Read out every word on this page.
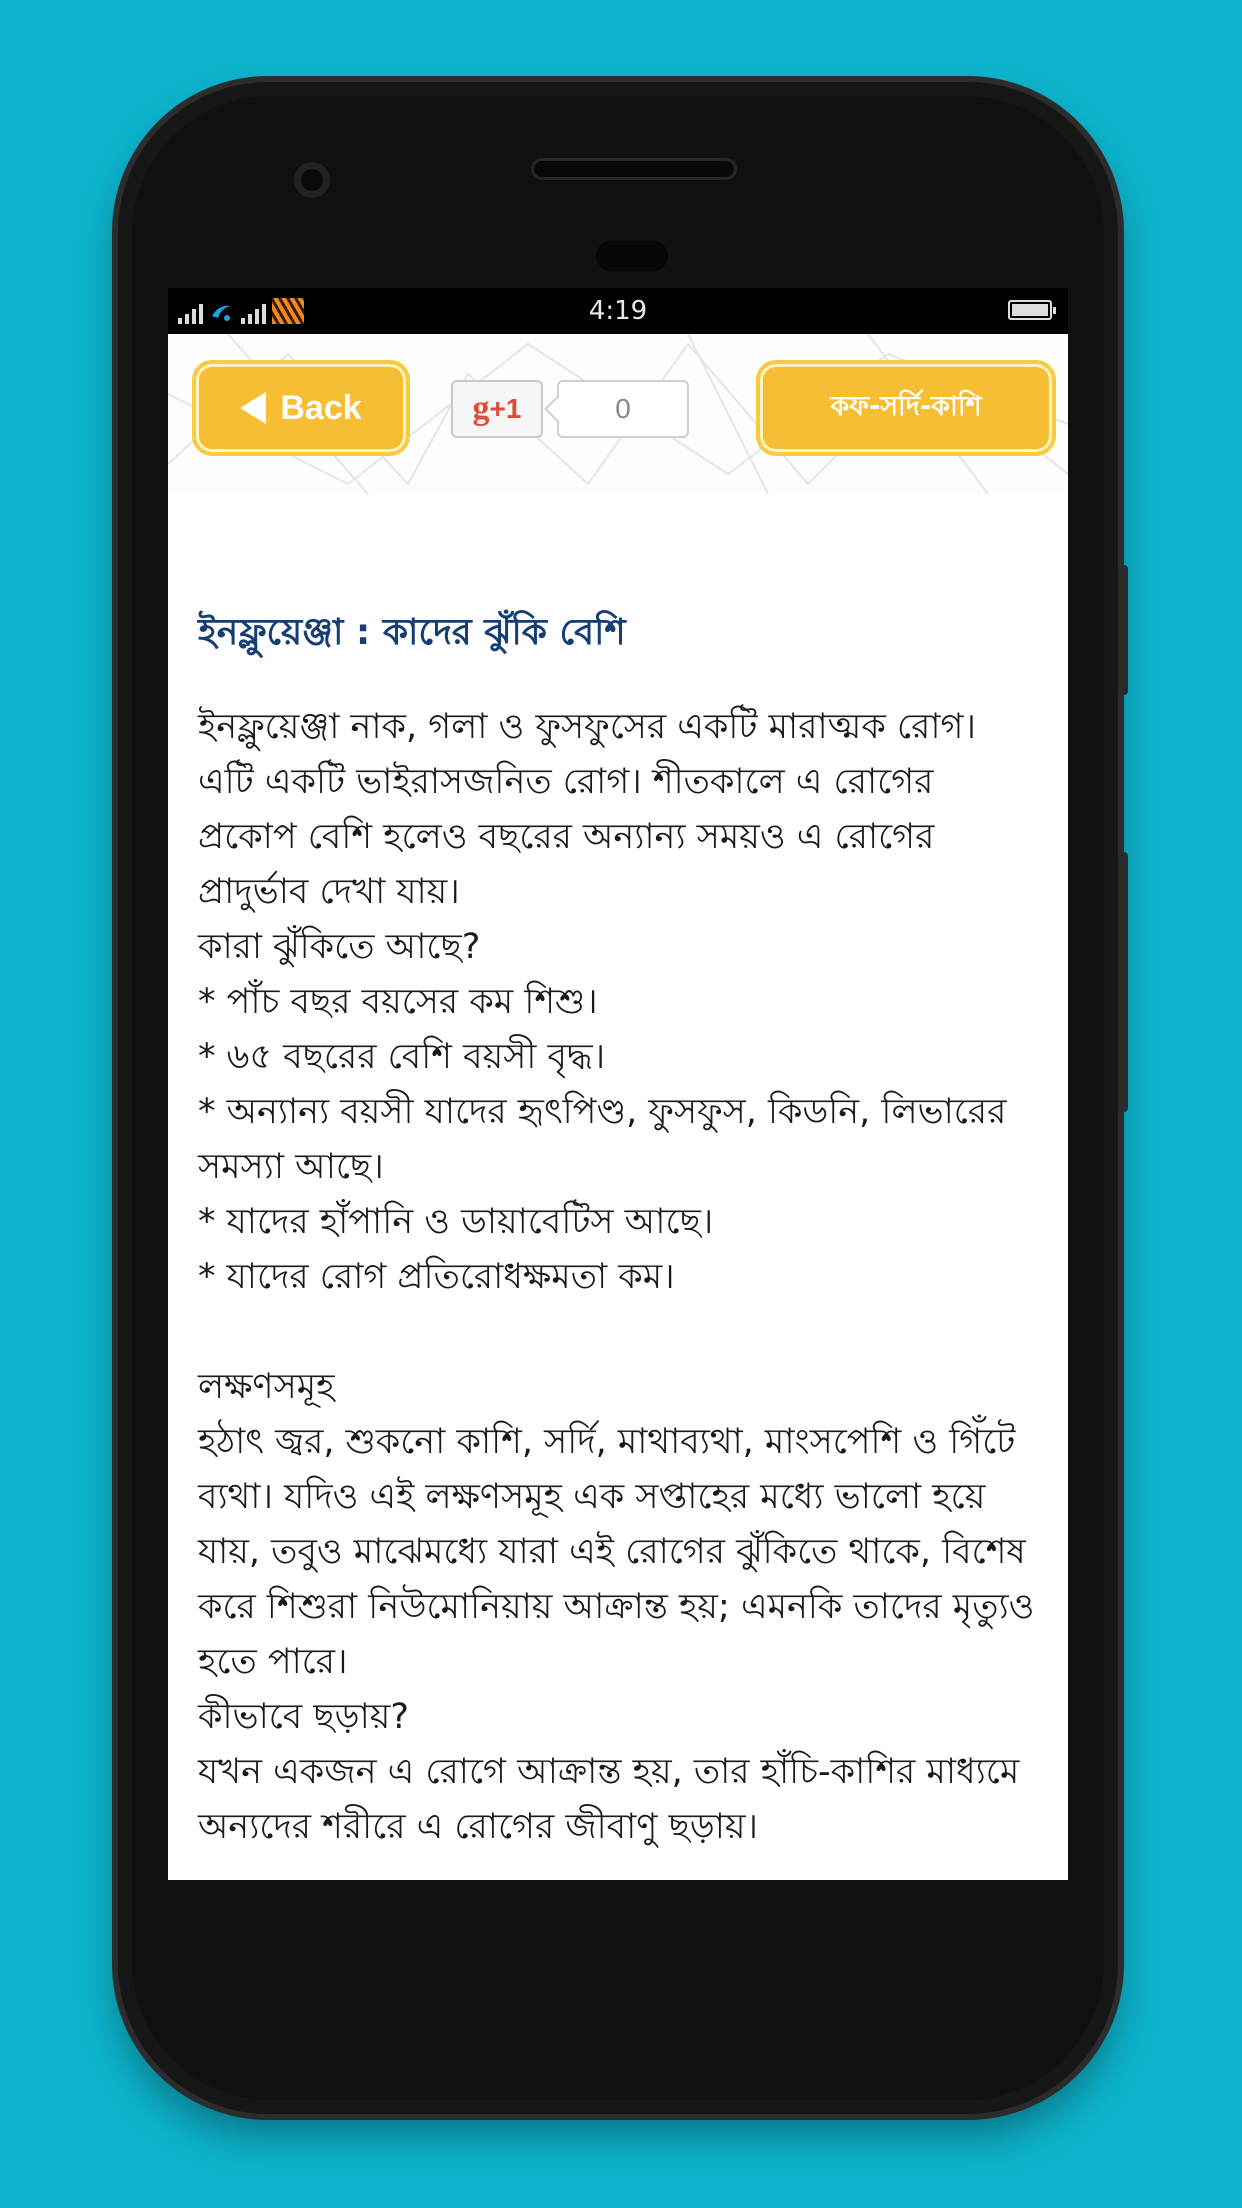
4:19
Back	g +1	0	কফ-সর্দি-কাশি
ইনফ্লুয়েঞ্জা : কাদের ঝুঁকি বেশি

ইনফ্লুয়েঞ্জা নাক, গলা ও ফুসফুসের একটি মারাত্মক রোগ। এটি একটি ভাইরাসজনিত রোগ। শীতকালে এ রোগের প্রকোপ বেশি হলেও বছরের অন্যান্য সময়ও এ রোগের প্রাদুর্ভাব দেখা যায়।

কারা ঝুঁকিতে আছে?

* পাঁচ বছর বয়সের কম শিশু।

* ৬৫ বছরের বেশি বয়সী বৃদ্ধ।

* অন্যান্য বয়সী যাদের হৃৎপিণ্ড, ফুসফুস, কিডনি, লিভারের সমস্যা আছে।

* যাদের হাঁপানি ও ডায়াবেটিস আছে।

* যাদের রোগ প্রতিরোধক্ষমতা কম।

লক্ষণসমূহ

হঠাৎ জ্বর, শুকনো কাশি, সর্দি, মাথাব্যথা, মাংসপেশি ও গিঁটে ব্যথা। যদিও এই লক্ষণসমূহ এক সপ্তাহের মধ্যে ভালো হয়ে যায়, তবুও মাঝেমধ্যে যারা এই রোগের ঝুঁকিতে থাকে, বিশেষ করে শিশুরা নিউমোনিয়ায় আক্রান্ত হয়; এমনকি তাদের মৃত্যুও হতে পারে।

কীভাবে ছড়ায়?

যখন একজন এ রোগে আক্রান্ত হয়, তার হাঁচি-কাশির মাধ্যমে অন্যদের শরীরে এ রোগের জীবাণু ছড়ায়।
